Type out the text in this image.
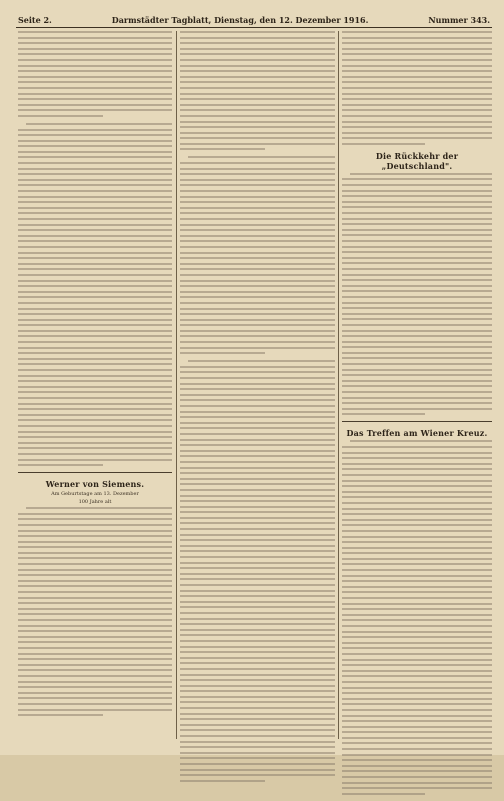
Seite 2.	Darmstädter Tagblatt, Dienstag, den 12. Dezember 1916.	Nummer 343.
Werner von Siemens.
Am Geburtstage am 13. Dezember
100 Jahre alt
Die Rückkehr der „Deutschland".
Das Treffen am Wiener Kreuz.
